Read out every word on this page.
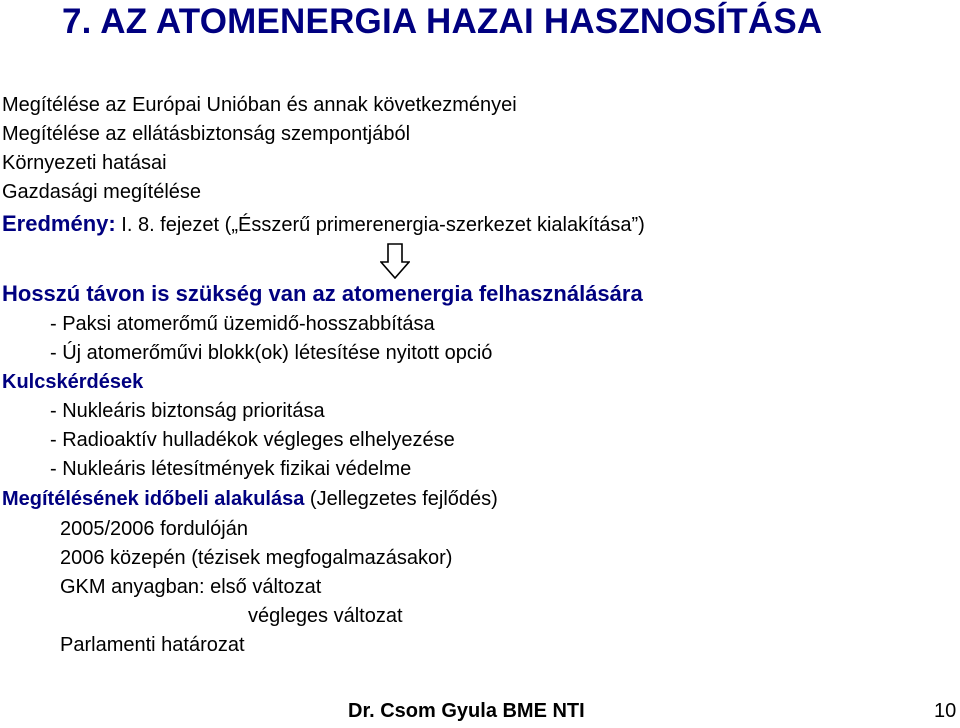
7. AZ ATOMENERGIA HAZAI HASZNOSÍTÁSA
Megítélése az Európai Unióban és annak következményei
Megítélése az ellátásbiztonság szempontjából
Környezeti hatásai
Gazdasági megítélése
Eredmény: I. 8. fejezet („Ésszerű primerenergia-szerkezet kialakítása”)
Hosszú távon is szükség van az atomenergia felhasználására
- Paksi atomerőmű üzemidő-hosszabbítása
- Új atomerőművi blokk(ok) létesítése nyitott opció
Kulcskérdések
- Nukleáris biztonság prioritása
- Radioaktív hulladékok végleges elhelyezése
- Nukleáris létesítmények fizikai védelme
Megítélésének időbeli alakulása (Jellegzetes fejlődés)
2005/2006 fordulóján
2006 közepén (tézisek megfogalmazásakor)
GKM anyagban: első változat
végleges változat
Parlamenti határozat
Dr. Csom Gyula BME NTI	10
